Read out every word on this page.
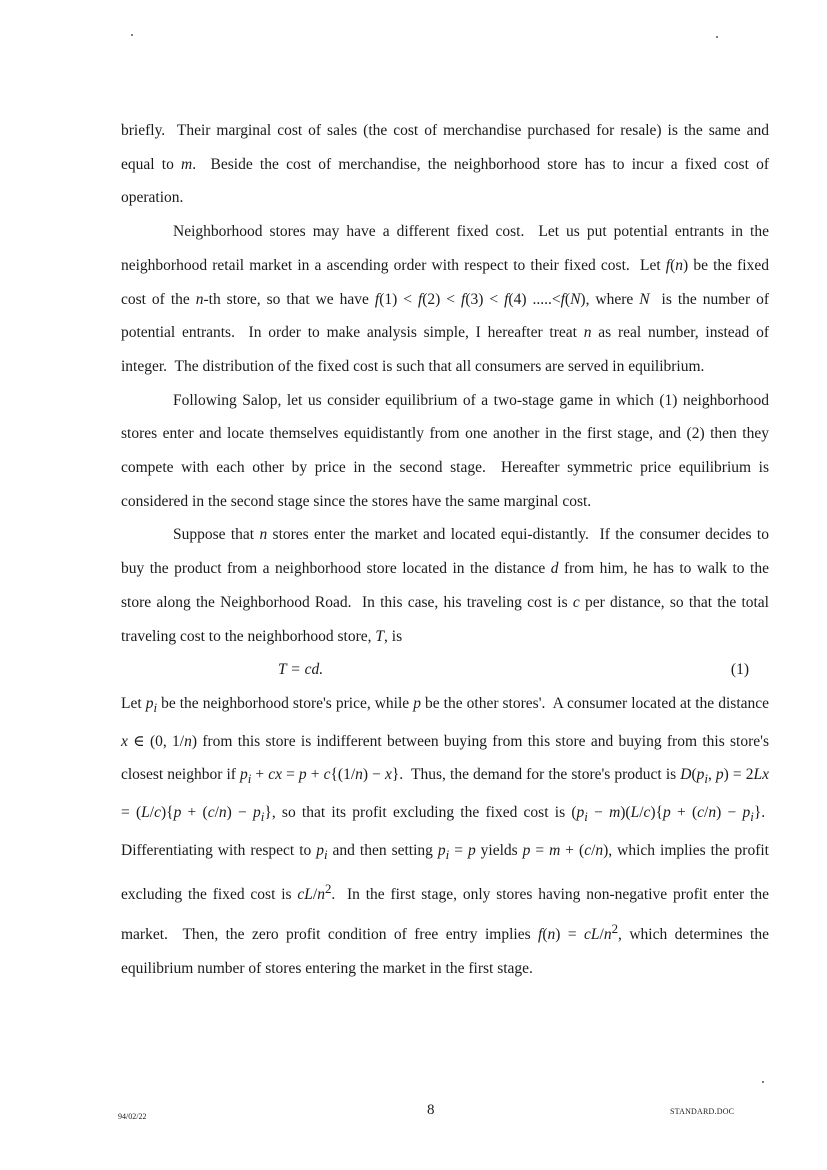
briefly.  Their marginal cost of sales (the cost of merchandise purchased for resale) is the same and equal to m.  Beside the cost of merchandise, the neighborhood store has to incur a fixed cost of operation.

Neighborhood stores may have a different fixed cost.  Let us put potential entrants in the neighborhood retail market in a ascending order with respect to their fixed cost.  Let f(n) be the fixed cost of the n-th store, so that we have f(1) < f(2) < f(3) < f(4) .....<f(N), where N  is the number of potential entrants.  In order to make analysis simple, I hereafter treat n as real number, instead of integer.  The distribution of the fixed cost is such that all consumers are served in equilibrium.

Following Salop, let us consider equilibrium of a two-stage game in which (1) neighborhood stores enter and locate themselves equidistantly from one another in the first stage, and (2) then they compete with each other by price in the second stage.  Hereafter symmetric price equilibrium is considered in the second stage since the stores have the same marginal cost.

Suppose that n stores enter the market and located equi-distantly.  If the consumer decides to buy the product from a neighborhood store located in the distance d from him, he has to walk to the store along the Neighborhood Road.  In this case, his traveling cost is c per distance, so that the total traveling cost to the neighborhood store, T, is

T = cd.	(1)

Let $p_i$ be the neighborhood store's price, while p be the other stores'.  A consumer located at the distance x ∈ (0, 1/n) from this store is indifferent between buying from this store and buying from this store's closest neighbor if $p_i$ + cx = p + c{(1/n) − x}.  Thus, the demand for the store's product is $D(p_i$, $p) = 2Lx = (L/c)\{p + (c/n) - p_i\}$, so that its profit excluding the fixed cost is $(p_i - m)(L/c)\{p + (c/n) - p_i\}$.  Differentiating with respect to $p_i$ and then setting $p_i = p$ yields p = m + (c/n), which implies the profit excluding the fixed cost is $cL/n^2$.  In the first stage, only stores having non-negative profit enter the market.  Then, the zero profit condition of free entry implies $f(n) = cL/n^2$, which determines the equilibrium number of stores entering the market in the first stage.

94/02/22	8	STANDARD.DOC
